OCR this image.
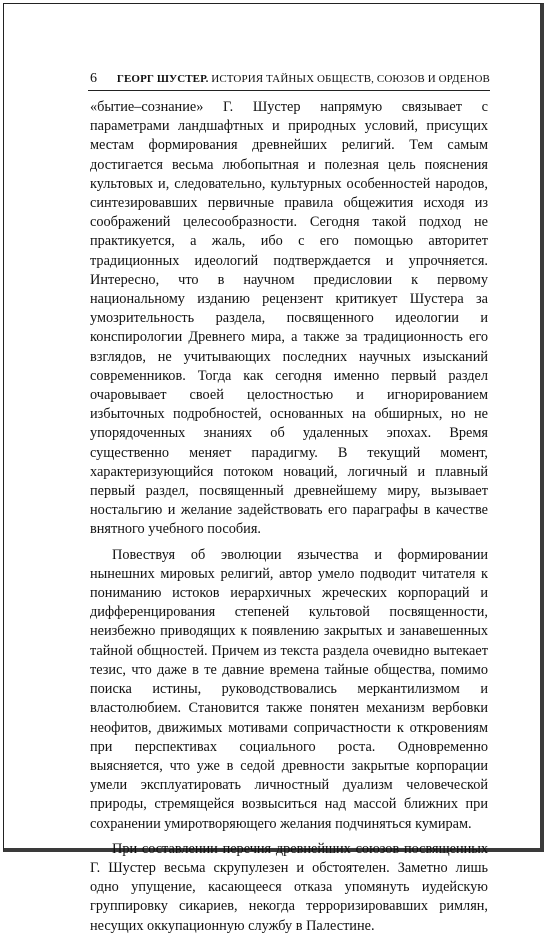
6 ГЕОРГ ШУСТЕР. ИСТОРИЯ ТАЙНЫХ ОБЩЕСТВ, СОЮЗОВ И ОРДЕНОВ

«бытие–сознание» Г. Шустер напрямую связывает с параметрами ландшафтных и природных условий, присущих местам формирования древнейших религий. Тем самым достигается весьма любопытная и полезная цель пояснения культовых и, следовательно, культурных особенностей народов, синтезировавших первичные правила общежития исходя из соображений целесообразности. Сегодня такой подход не практикуется, а жаль, ибо с его помощью авторитет традиционных идеологий подтверждается и упрочняется. Интересно, что в научном предисловии к первому национальному изданию рецензент критикует Шустера за умозрительность раздела, посвященного идеологии и конспирологии Древнего мира, а также за традиционность его взглядов, не учитывающих последних научных изысканий современников. Тогда как сегодня именно первый раздел очаровывает своей целостностью и игнорированием избыточных подробностей, основанных на обширных, но не упорядоченных знаниях об удаленных эпохах. Время существенно меняет парадигму. В текущий момент, характеризующийся потоком новаций, логичный и плавный первый раздел, посвященный древнейшему миру, вызывает ностальгию и желание задействовать его параграфы в качестве внятного учебного пособия.

Повествуя об эволюции язычества и формировании нынешних мировых религий, автор умело подводит читателя к пониманию истоков иерархичных жреческих корпораций и дифференцирования степеней культовой посвященности, неизбежно приводящих к появлению закрытых и занавешенных тайной общностей. Причем из текста раздела очевидно вытекает тезис, что даже в те давние времена тайные общества, помимо поиска истины, руководствовались меркантилизмом и властолюбием. Становится также понятен механизм вербовки неофитов, движимых мотивами сопричастности к откровениям при перспективах социального роста. Одновременно выясняется, что уже в седой древности закрытые корпорации умели эксплуатировать личностный дуализм человеческой природы, стремящейся возвыситься над массой ближних при сохранении умиротворяющего желания подчиняться кумирам.

При составлении перечня древнейших союзов посвященных Г. Шустер весьма скрупулезен и обстоятелен. Заметно лишь одно упущение, касающееся отказа упомянуть иудейскую группировку сикариев, некогда терроризировавших римлян, несущих оккупационную службу в Палестине.
